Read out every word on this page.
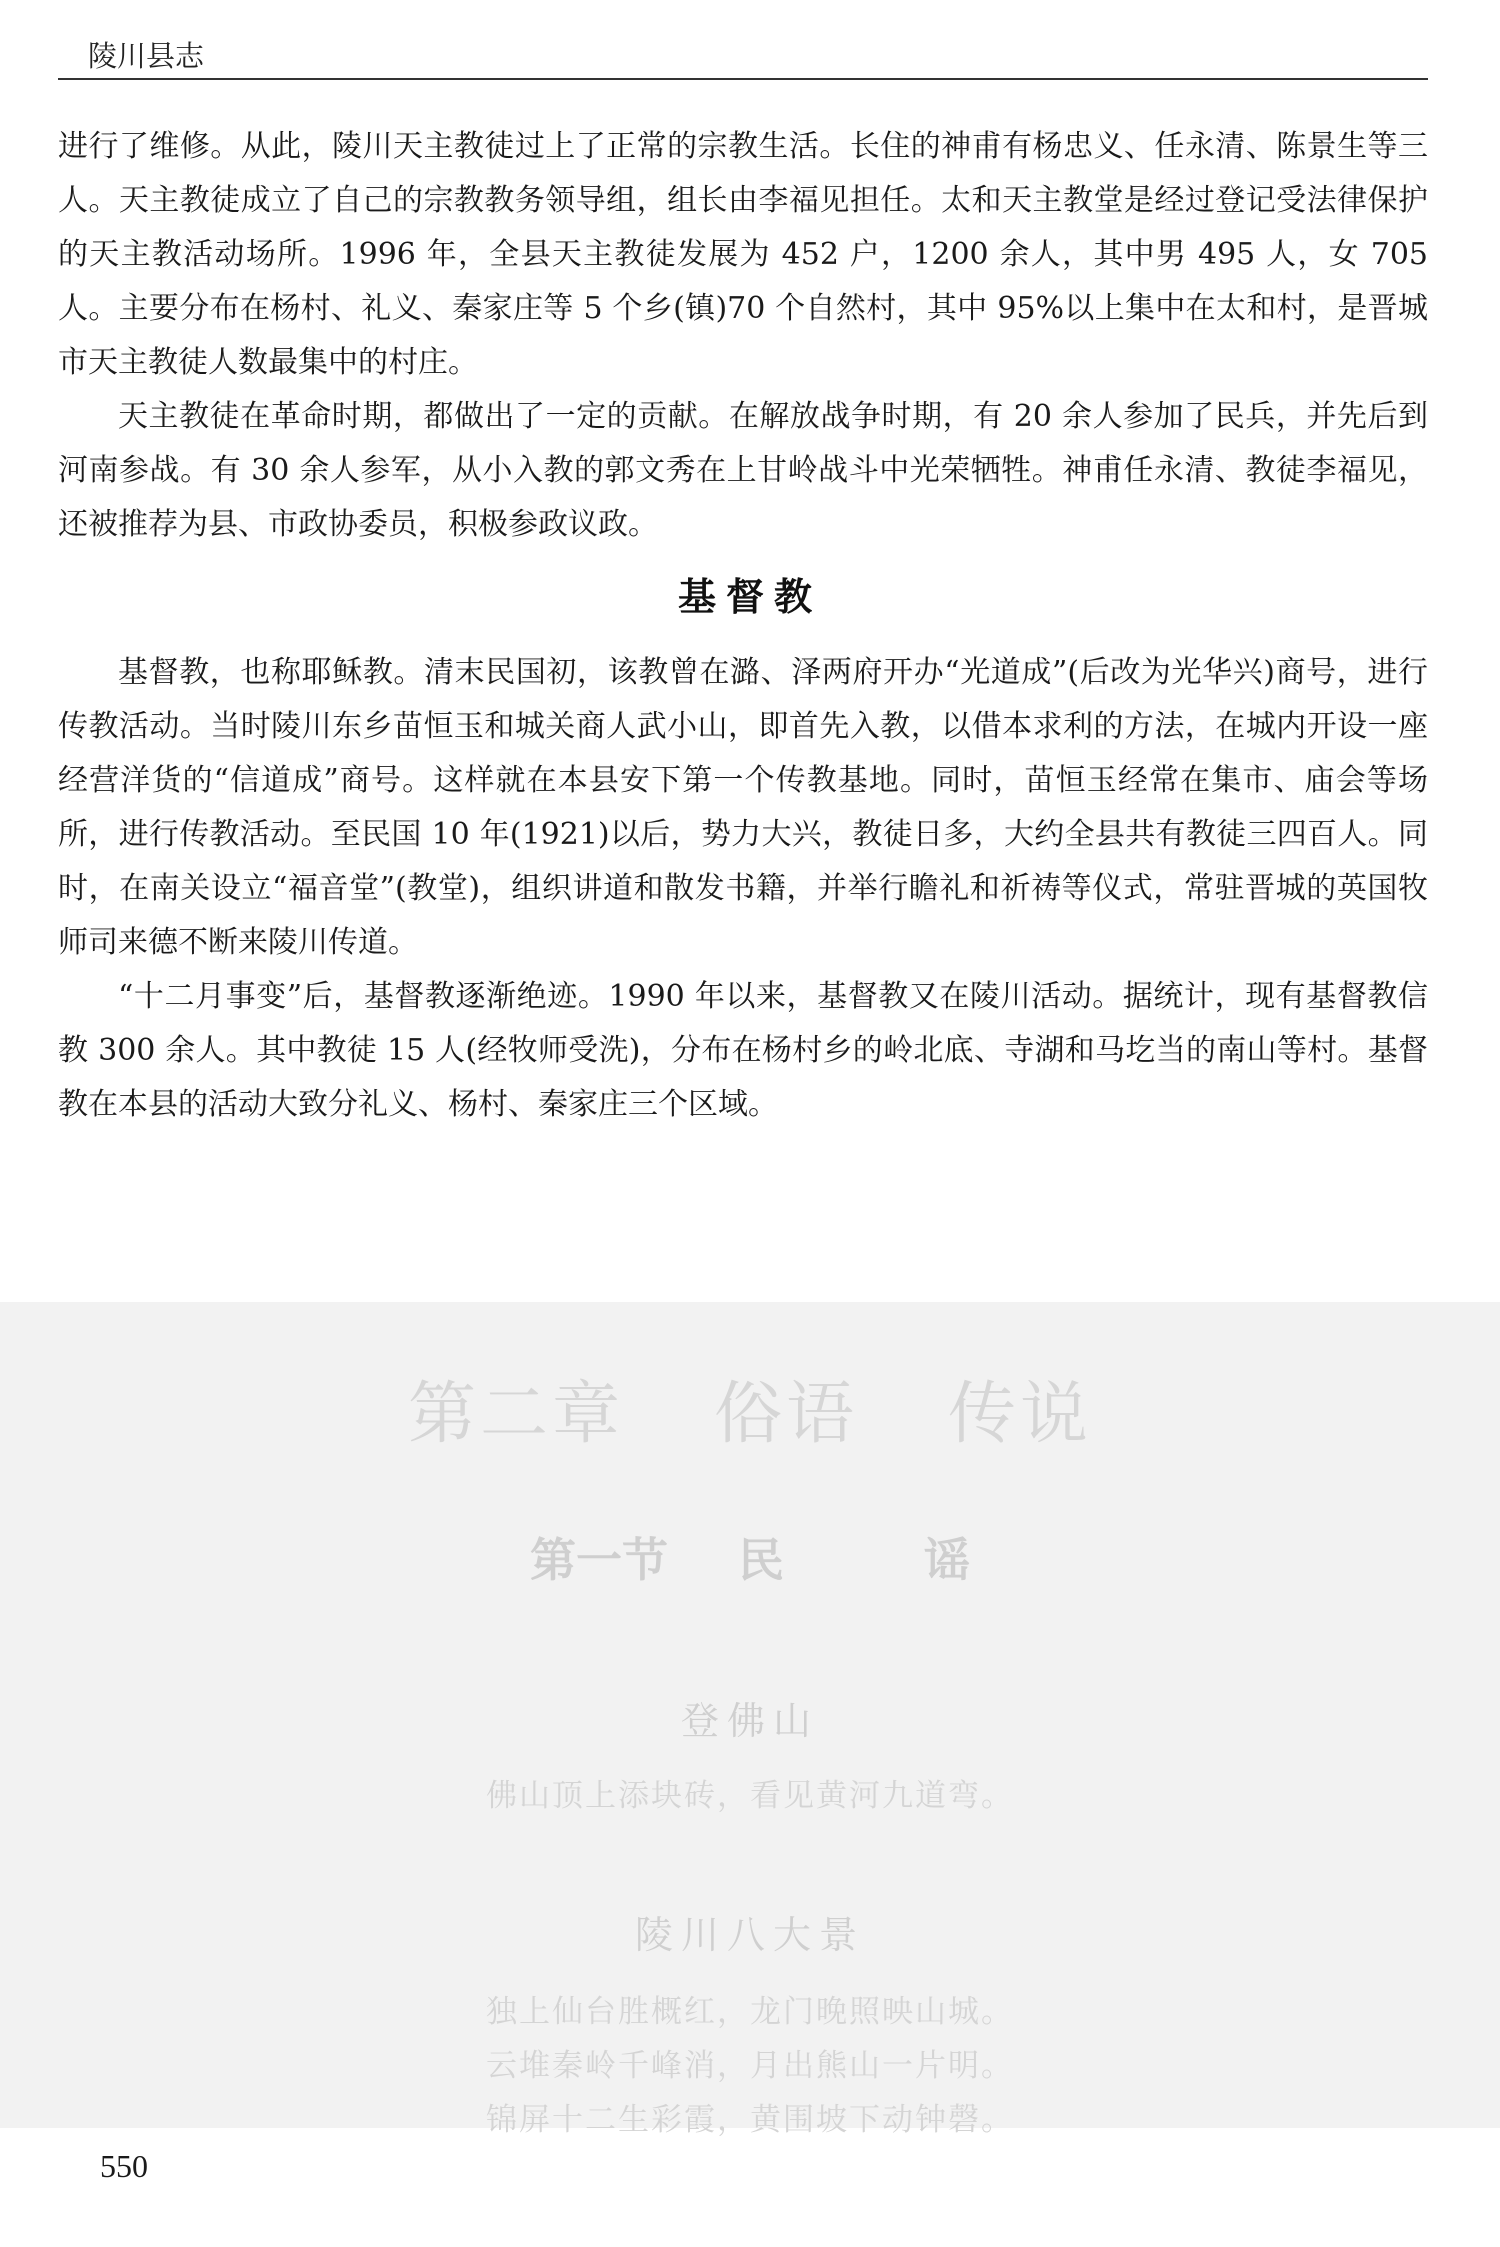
陵川县志

进行了维修。从此，陵川天主教徒过上了正常的宗教生活。长住的神甫有杨忠义、任永清、陈景生等三人。天主教徒成立了自己的宗教教务领导组，组长由李福见担任。太和天主教堂是经过登记受法律保护的天主教活动场所。1996 年，全县天主教徒发展为 452 户，1200 余人，其中男 495 人，女 705 人。主要分布在杨村、礼义、秦家庄等 5 个乡(镇)70 个自然村，其中 95%以上集中在太和村，是晋城市天主教徒人数最集中的村庄。

天主教徒在革命时期，都做出了一定的贡献。在解放战争时期，有 20 余人参加了民兵，并先后到河南参战。有 30 余人参军，从小入教的郭文秀在上甘岭战斗中光荣牺牲。神甫任永清、教徒李福见，还被推荐为县、市政协委员，积极参政议政。

基督教

基督教，也称耶稣教。清末民国初，该教曾在潞、泽两府开办“光道成”(后改为光华兴)商号，进行传教活动。当时陵川东乡苗恒玉和城关商人武小山，即首先入教，以借本求利的方法，在城内开设一座经营洋货的“信道成”商号。这样就在本县安下第一个传教基地。同时，苗恒玉经常在集市、庙会等场所，进行传教活动。至民国 10 年(1921)以后，势力大兴，教徒日多，大约全县共有教徒三四百人。同时，在南关设立“福音堂”(教堂)，组织讲道和散发书籍，并举行瞻礼和祈祷等仪式，常驻晋城的英国牧师司来德不断来陵川传道。

“十二月事变”后，基督教逐渐绝迹。1990 年以来，基督教又在陵川活动。据统计，现有基督教信教 300 余人。其中教徒 15 人(经牧师受洗)，分布在杨村乡的岭北底、寺湖和马圪当的南山等村。基督教在本县的活动大致分礼义、杨村、秦家庄三个区域。

第二章 俗语 传说
第一节 民	谣
登佛山
佛山顶上添块砖，看见黄河九道弯。
陵川八大景
独上仙台胜概红，龙门晚照映山城。
云堆秦岭千峰消，月出熊山一片明。
锦屏十二生彩霞，黄围坡下动钟磬。
550
